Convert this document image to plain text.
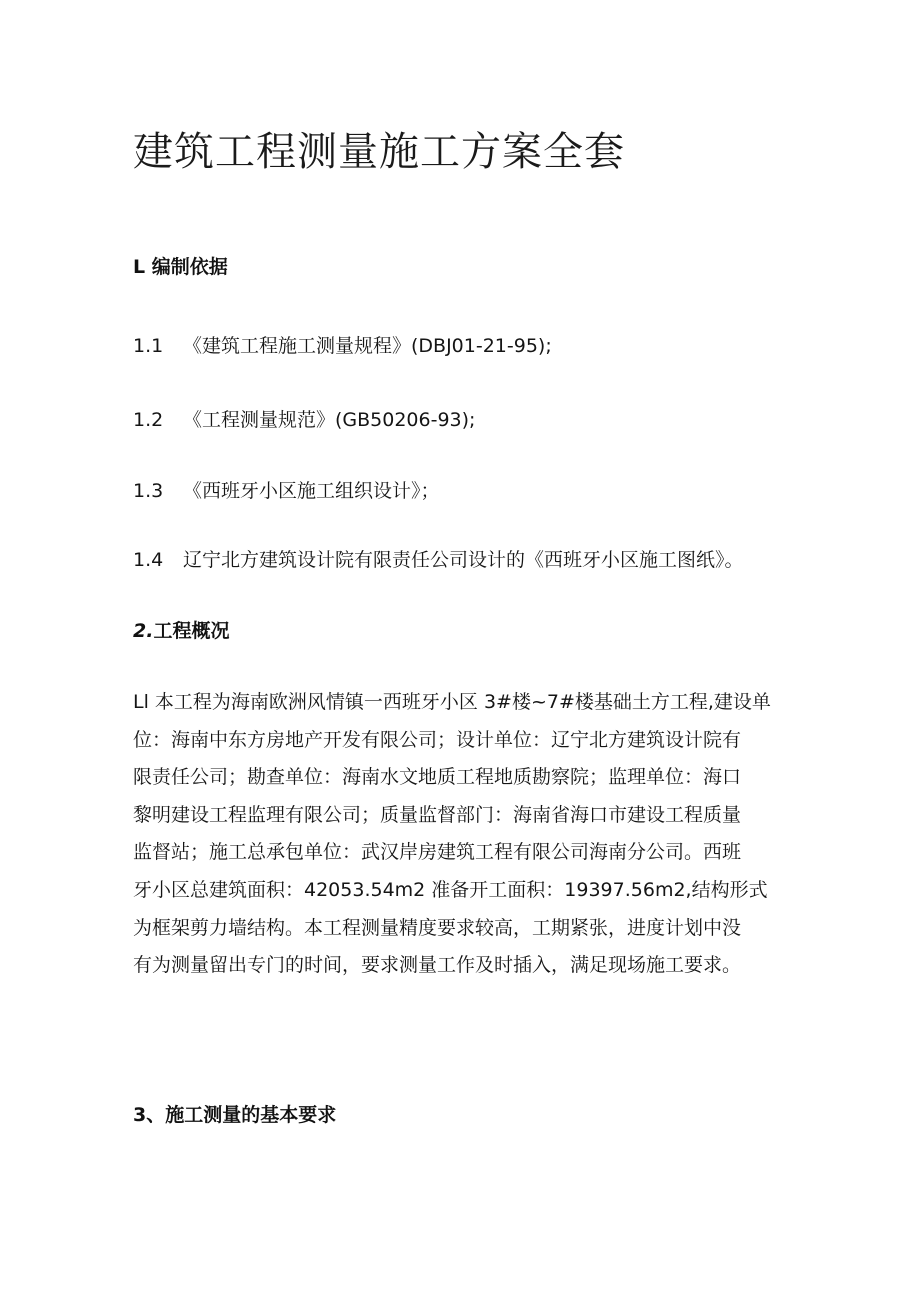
建筑工程测量施工方案全套
L 编制依据

1.1 《建筑工程施工测量规程》(DBJ01-21-95);

1.2 《工程测量规范》(GB50206-93);

1.3 《西班牙小区施工组织设计》；

1.4 辽宁北方建筑设计院有限责任公司设计的《西班牙小区施工图纸》。

2.工程概况
Ll 本工程为海南欧洲风情镇一西班牙小区 3#楼~7#楼基础土方工程,建设单
位：海南中东方房地产开发有限公司；设计单位：辽宁北方建筑设计院有
限责任公司；勘查单位：海南水文地质工程地质勘察院；监理单位：海口
黎明建设工程监理有限公司；质量监督部门：海南省海口市建设工程质量
监督站；施工总承包单位：武汉岸房建筑工程有限公司海南分公司。西班
牙小区总建筑面积：42053.54m2 准备开工面积：19397.56m2,结构形式
为框架剪力墙结构。本工程测量精度要求较高，工期紧张，进度计划中没
有为测量留出专门的时间，要求测量工作及时插入，满足现场施工要求。
3、施工测量的基本要求
